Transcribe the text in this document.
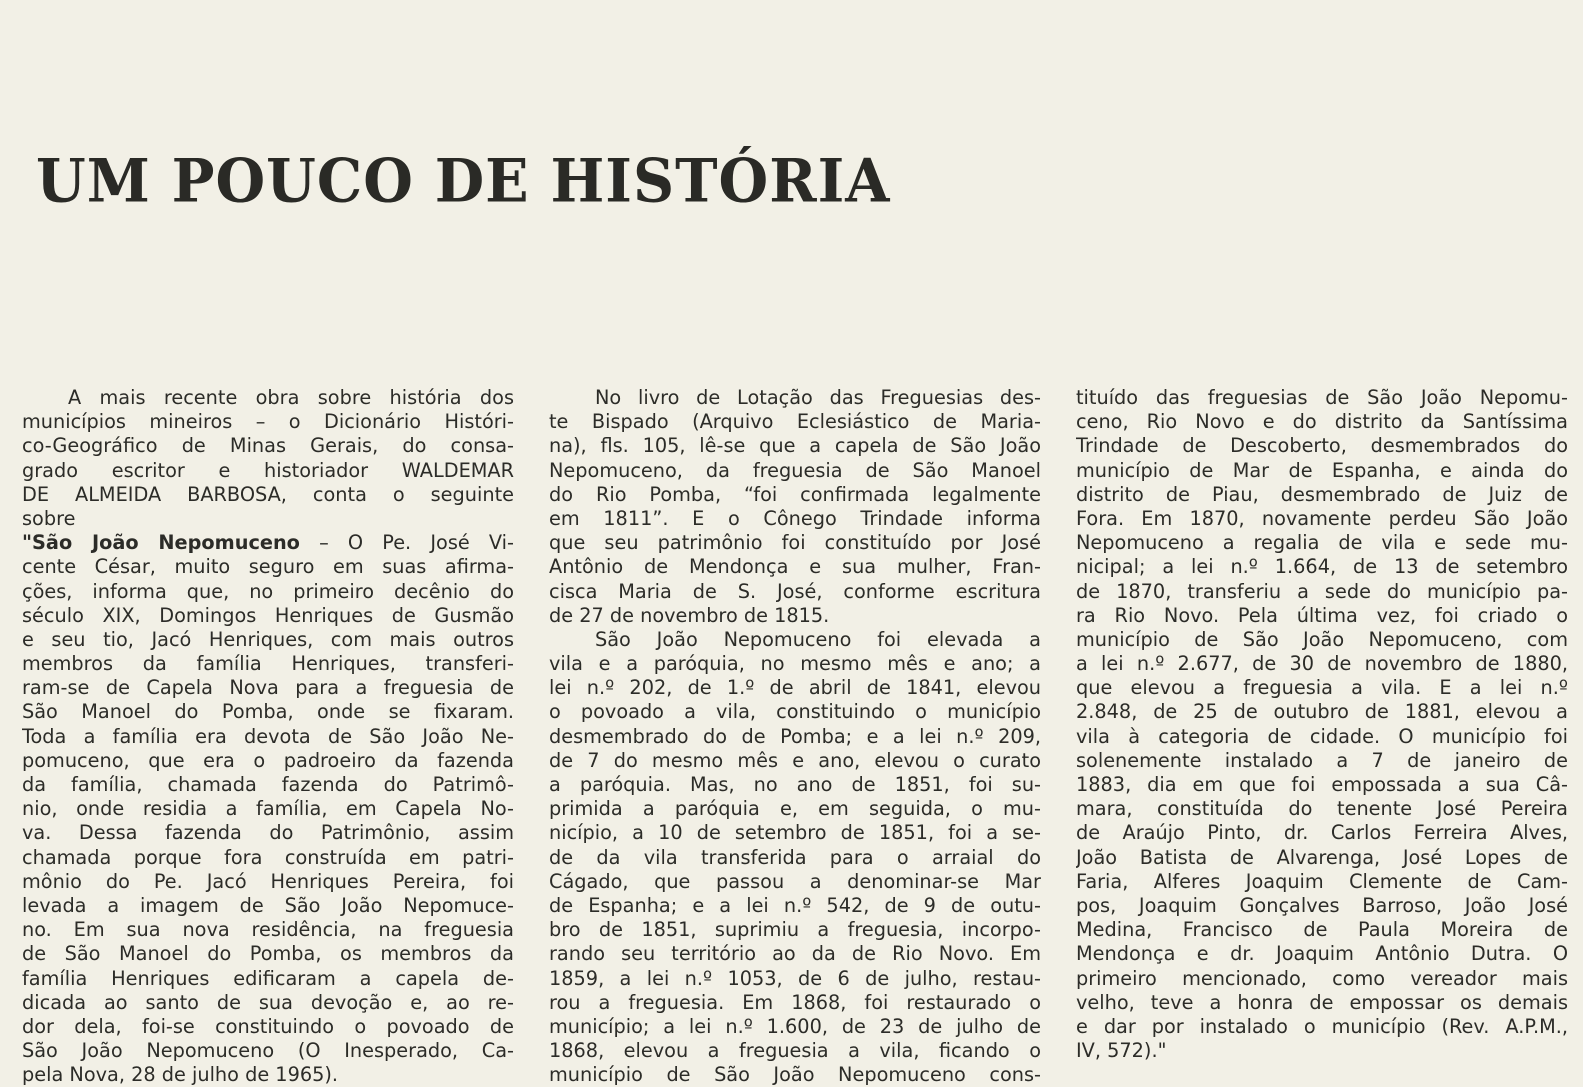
UM POUCO DE HISTÓRIA
A mais recente obra sobre história dos
municípios mineiros – o Dicionário Históri-
co-Geográfico de Minas Gerais, do consa-
grado escritor e historiador WALDEMAR
DE ALMEIDA BARBOSA, conta o seguinte
sobre
"São João Nepomuceno – O Pe. José Vi-
cente César, muito seguro em suas afirma-
ções, informa que, no primeiro decênio do
século XIX, Domingos Henriques de Gusmão
e seu tio, Jacó Henriques, com mais outros
membros da família Henriques, transferi-
ram-se de Capela Nova para a freguesia de
São Manoel do Pomba, onde se fixaram.
Toda a família era devota de São João Ne-
pomuceno, que era o padroeiro da fazenda
da família, chamada fazenda do Patrimô-
nio, onde residia a família, em Capela No-
va. Dessa fazenda do Patrimônio, assim
chamada porque fora construída em patri-
mônio do Pe. Jacó Henriques Pereira, foi
levada a imagem de São João Nepomuce-
no. Em sua nova residência, na freguesia
de São Manoel do Pomba, os membros da
família Henriques edificaram a capela de-
dicada ao santo de sua devoção e, ao re-
dor dela, foi-se constituindo o povoado de
São João Nepomuceno (O Inesperado, Ca-
pela Nova, 28 de julho de 1965).
No livro de Lotação das Freguesias des-
te Bispado (Arquivo Eclesiástico de Maria-
na), fls. 105, lê-se que a capela de São João
Nepomuceno, da freguesia de São Manoel
do Rio Pomba, “foi confirmada legalmente
em 1811”. E o Cônego Trindade informa
que seu patrimônio foi constituído por José
Antônio de Mendonça e sua mulher, Fran-
cisca Maria de S. José, conforme escritura
de 27 de novembro de 1815.
São João Nepomuceno foi elevada a
vila e a paróquia, no mesmo mês e ano; a
lei n.º 202, de 1.º de abril de 1841, elevou
o povoado a vila, constituindo o município
desmembrado do de Pomba; e a lei n.º 209,
de 7 do mesmo mês e ano, elevou o curato
a paróquia. Mas, no ano de 1851, foi su-
primida a paróquia e, em seguida, o mu-
nicípio, a 10 de setembro de 1851, foi a se-
de da vila transferida para o arraial do
Cágado, que passou a denominar-se Mar
de Espanha; e a lei n.º 542, de 9 de outu-
bro de 1851, suprimiu a freguesia, incorpo-
rando seu território ao da de Rio Novo. Em
1859, a lei n.º 1053, de 6 de julho, restau-
rou a freguesia. Em 1868, foi restaurado o
município; a lei n.º 1.600, de 23 de julho de
1868, elevou a freguesia a vila, ficando o
município de São João Nepomuceno cons-
tituído das freguesias de São João Nepomu-
ceno, Rio Novo e do distrito da Santíssima
Trindade de Descoberto, desmembrados do
município de Mar de Espanha, e ainda do
distrito de Piau, desmembrado de Juiz de
Fora. Em 1870, novamente perdeu São João
Nepomuceno a regalia de vila e sede mu-
nicipal; a lei n.º 1.664, de 13 de setembro
de 1870, transferiu a sede do município pa-
ra Rio Novo. Pela última vez, foi criado o
município de São João Nepomuceno, com
a lei n.º 2.677, de 30 de novembro de 1880,
que elevou a freguesia a vila. E a lei n.º
2.848, de 25 de outubro de 1881, elevou a
vila à categoria de cidade. O município foi
solenemente instalado a 7 de janeiro de
1883, dia em que foi empossada a sua Câ-
mara, constituída do tenente José Pereira
de Araújo Pinto, dr. Carlos Ferreira Alves,
João Batista de Alvarenga, José Lopes de
Faria, Alferes Joaquim Clemente de Cam-
pos, Joaquim Gonçalves Barroso, João José
Medina, Francisco de Paula Moreira de
Mendonça e dr. Joaquim Antônio Dutra. O
primeiro mencionado, como vereador mais
velho, teve a honra de empossar os demais
e dar por instalado o município (Rev. A.P.M.,
IV, 572)."
